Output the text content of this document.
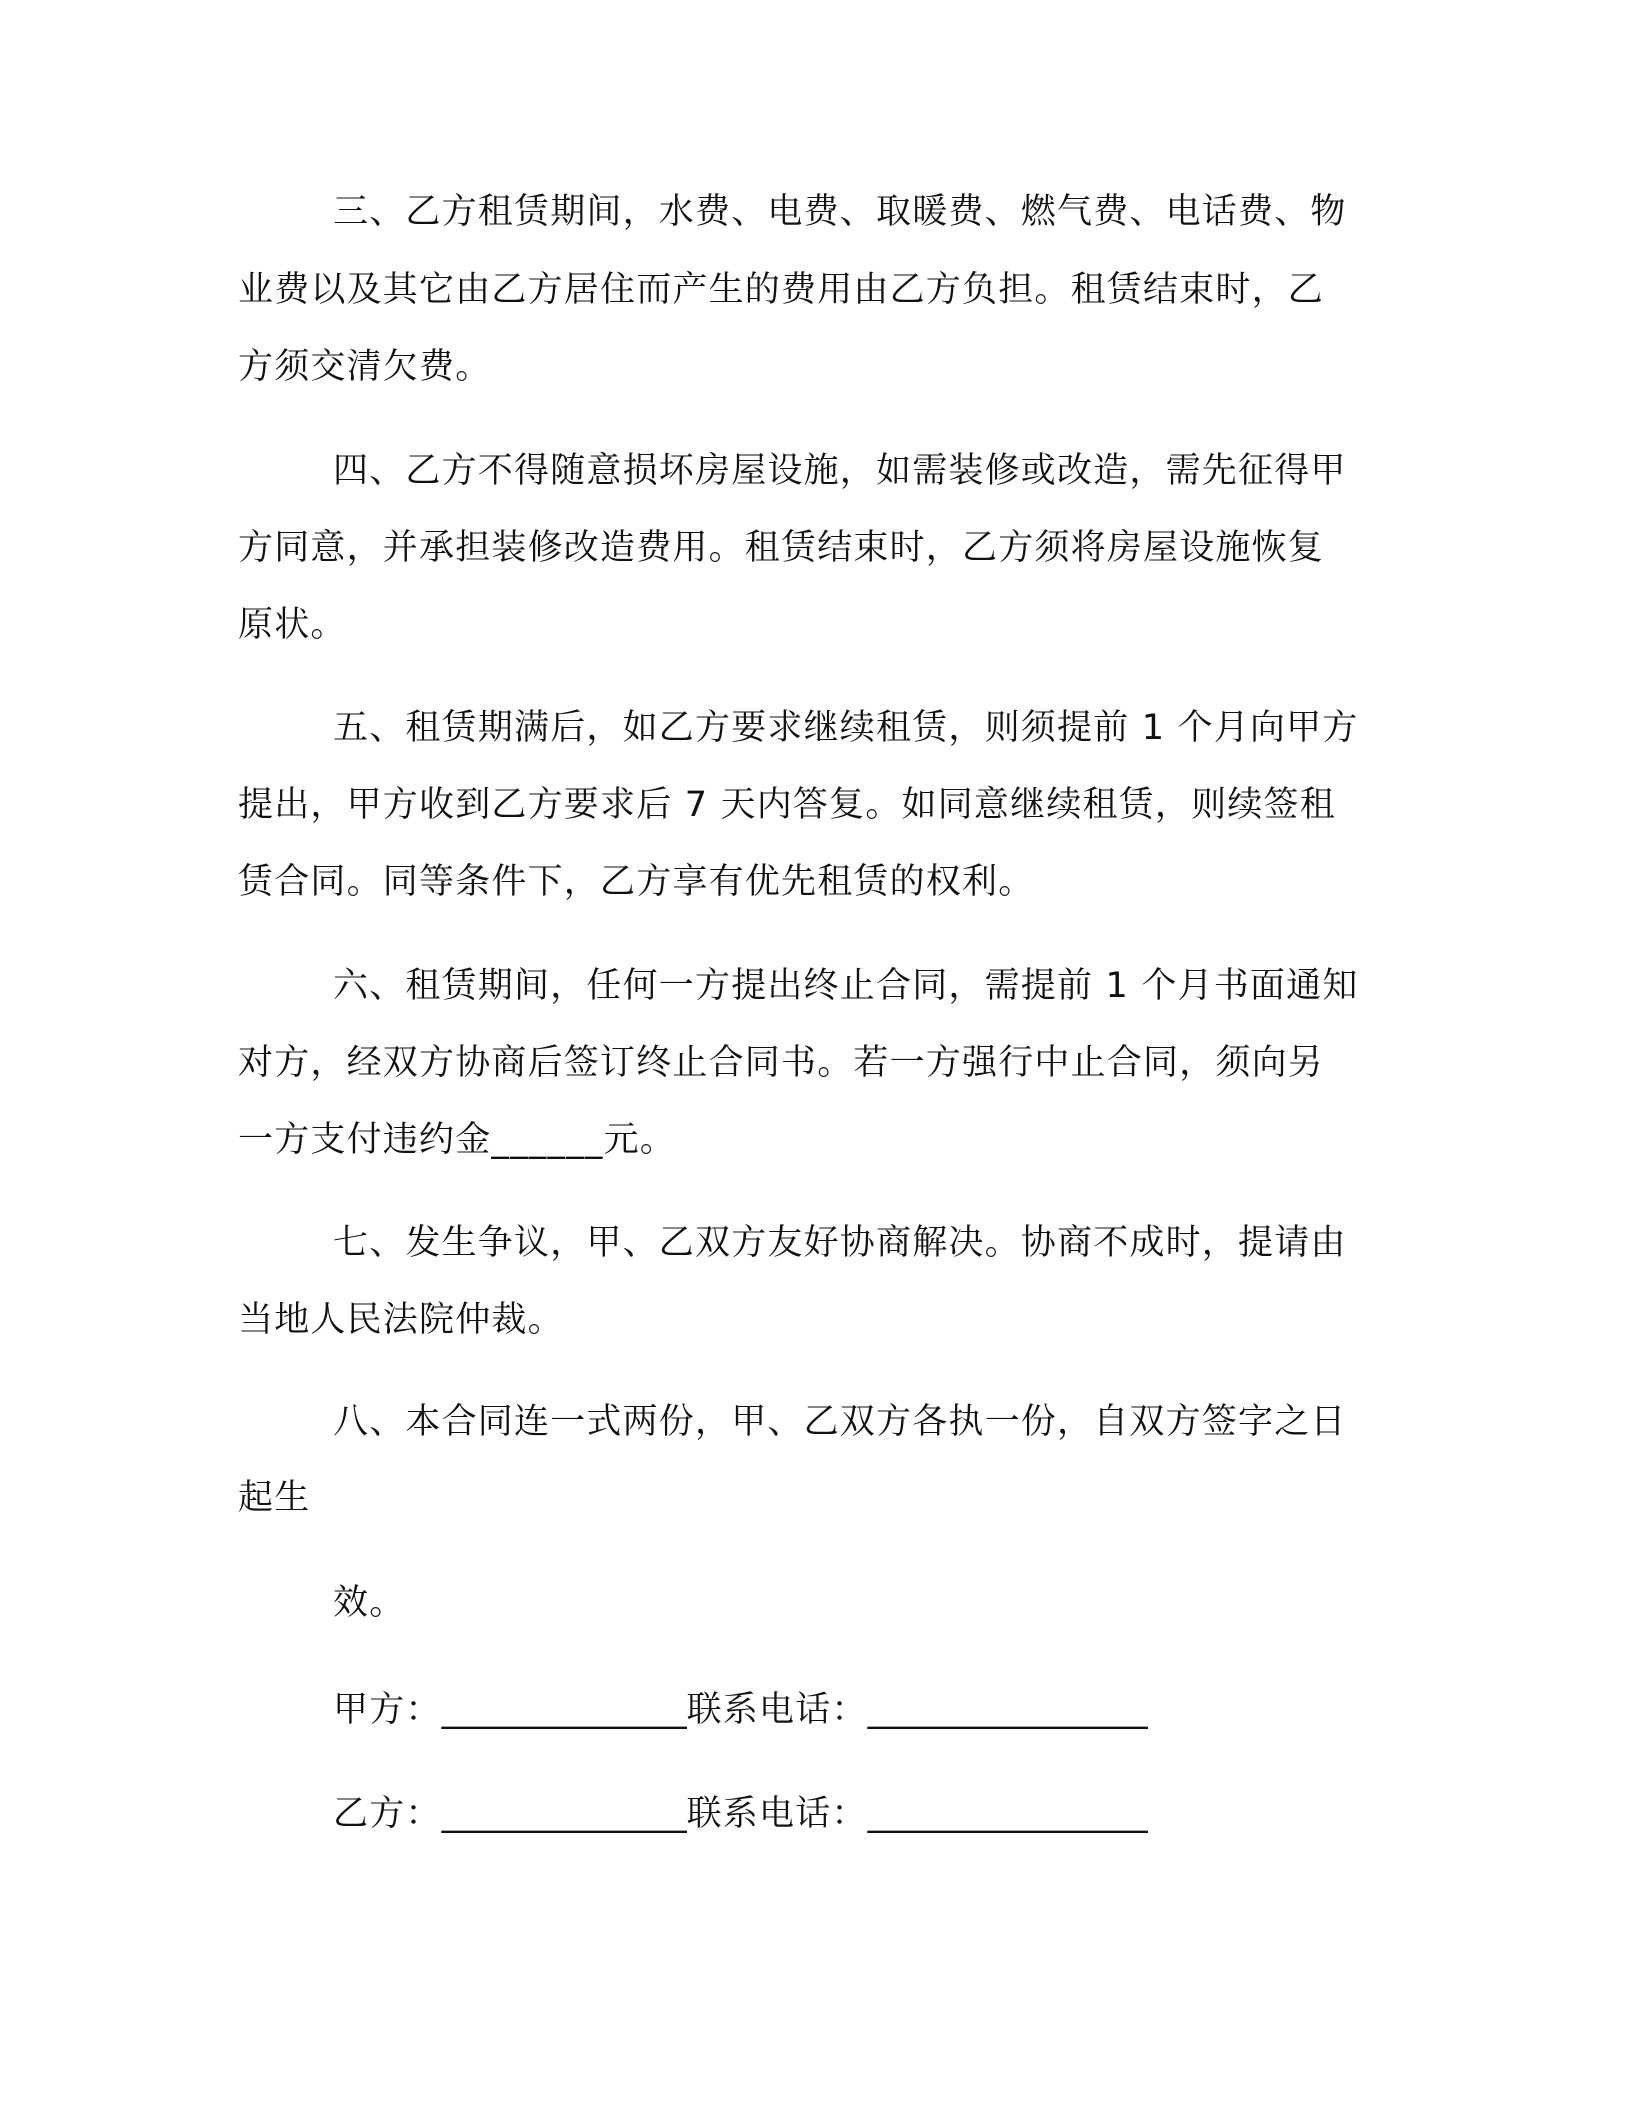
三、乙方租赁期间，水费、电费、取暖费、燃气费、电话费、物
业费以及其它由乙方居住而产生的费用由乙方负担。租赁结束时，乙
方须交清欠费。
四、乙方不得随意损坏房屋设施，如需装修或改造，需先征得甲
方同意，并承担装修改造费用。租赁结束时，乙方须将房屋设施恢复
原状。
五、租赁期满后，如乙方要求继续租赁，则须提前 1 个月向甲方
提出，甲方收到乙方要求后 7 天内答复。如同意继续租赁，则续签租
赁合同。同等条件下，乙方享有优先租赁的权利。
六、租赁期间，任何一方提出终止合同，需提前 1 个月书面通知
对方，经双方协商后签订终止合同书。若一方强行中止合同，须向另
一方支付违约金______元。
七、发生争议，甲、乙双方友好协商解决。协商不成时，提请由
当地人民法院仲裁。
八、本合同连一式两份，甲、乙双方各执一份，自双方签字之日
起生
效。
甲方：______________联系电话：________________
乙方：______________联系电话：________________
